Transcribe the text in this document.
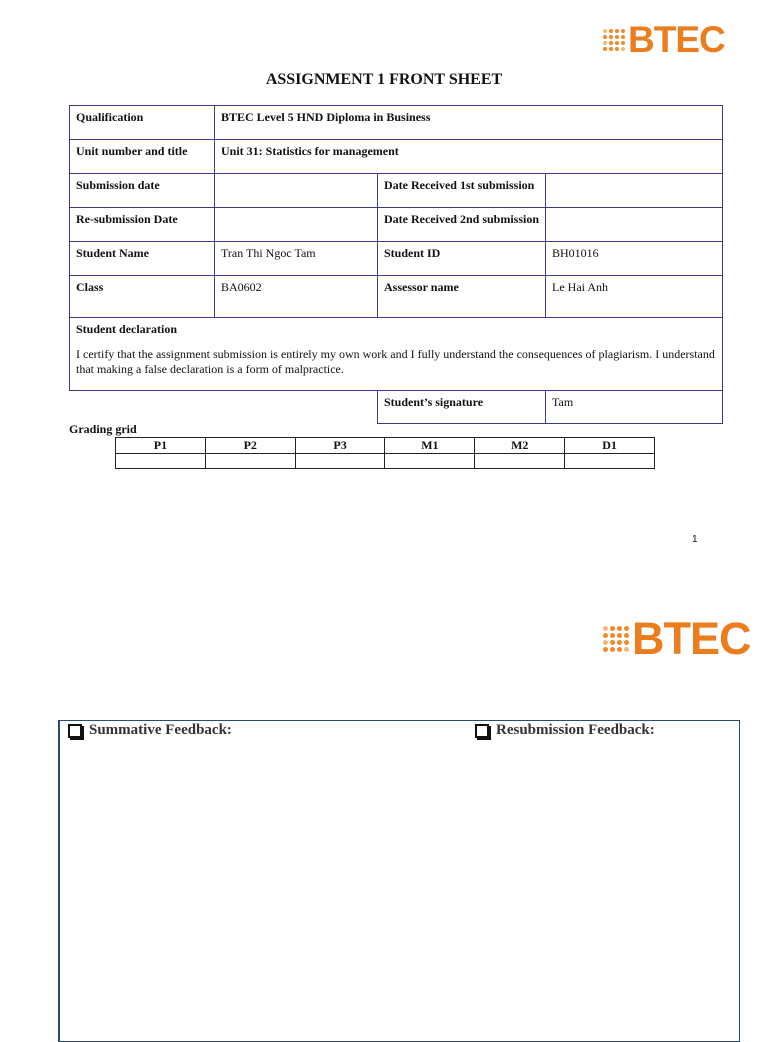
BTEC
ASSIGNMENT 1 FRONT SHEET
Qualification	BTEC Level 5 HND Diploma in Business		
Unit number and title	Unit 31: Statistics for management		
Submission date		Date Received 1st submission	
Re-submission Date		Date Received 2nd submission	
Student Name	Tran Thi Ngoc Tam	Student ID	BH01016
Class	BA0602	Assessor name	Le Hai Anh

Student declaration
I certify that the assignment submission is entirely my own work and I fully understand the consequences of plagiarism. I understand that making a false declaration is a form of malpractice.			

		Student’s signature	Tam
Grading grid
P1	P2	P3	M1	M2	D1

1
BTEC
Summative Feedback:	Resubmission Feedback:
